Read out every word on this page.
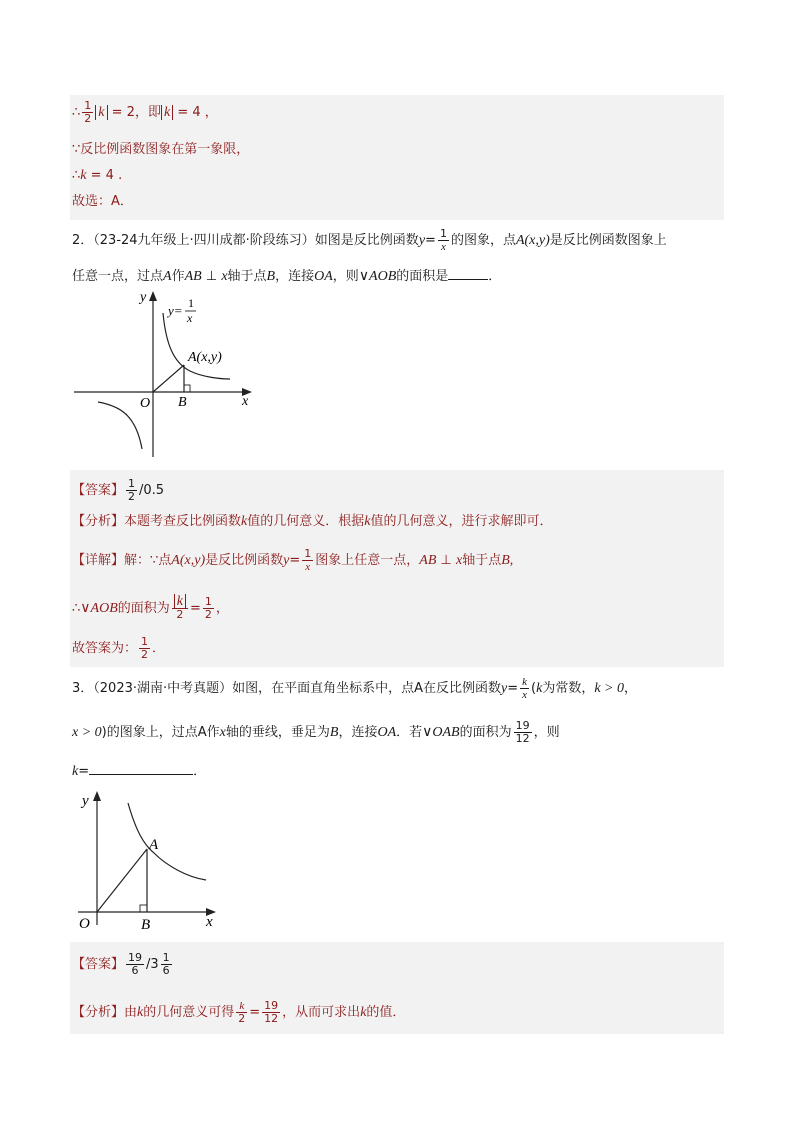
∴ $\frac{1}{2}$ k = 2，即 k = 4 ，
∵反比例函数图象在第一象限，
∴k = 4 .
故选：A．
2．（23-24九年级上·四川成都·阶段练习）如图是反比例函数$y= \frac{1}{x}$ 的图象，点A(x,y)是反比例函数图象上
任意一点，过点A作AB ⊥ x轴于点B，连接OA，则∨AOB的面积是	．
y= 1
x
A(x,y)
x
y
O B
【答案】 $\frac{1}{2} /0.5$
【分析】本题考查反比例函数k值的几何意义．根据k值的几何意义，进行求解即可．
【详解】解：∵点A(x,y)是反比例函数$y= \frac{1}{x}$ 图象上任意一点，AB ⊥ x轴于点B,
∴∨AOB的面积为 $\frac{k}{2} = \frac{1}{2}$ ，
故答案为： $\frac{1}{2}$ ．
3．（2023·湖南·中考真题）如图，在平面直角坐标系中，点A在反比例函数$y= \frac{k}{x} (k$为常数，k > 0，
x > 0)的图象上，过点A作x轴的垂线，垂足为B，连接OA．若∨OAB的面积为 $\frac{19}{12}$ ，则
k=	．
y
x
O
A
B
【答案】 $\frac{19}{6} /3 \frac{1}{6}$
【分析】由k的几何意义可得 $\frac{k}{2} = \frac{19}{12}$ ，从而可求出k的值．
